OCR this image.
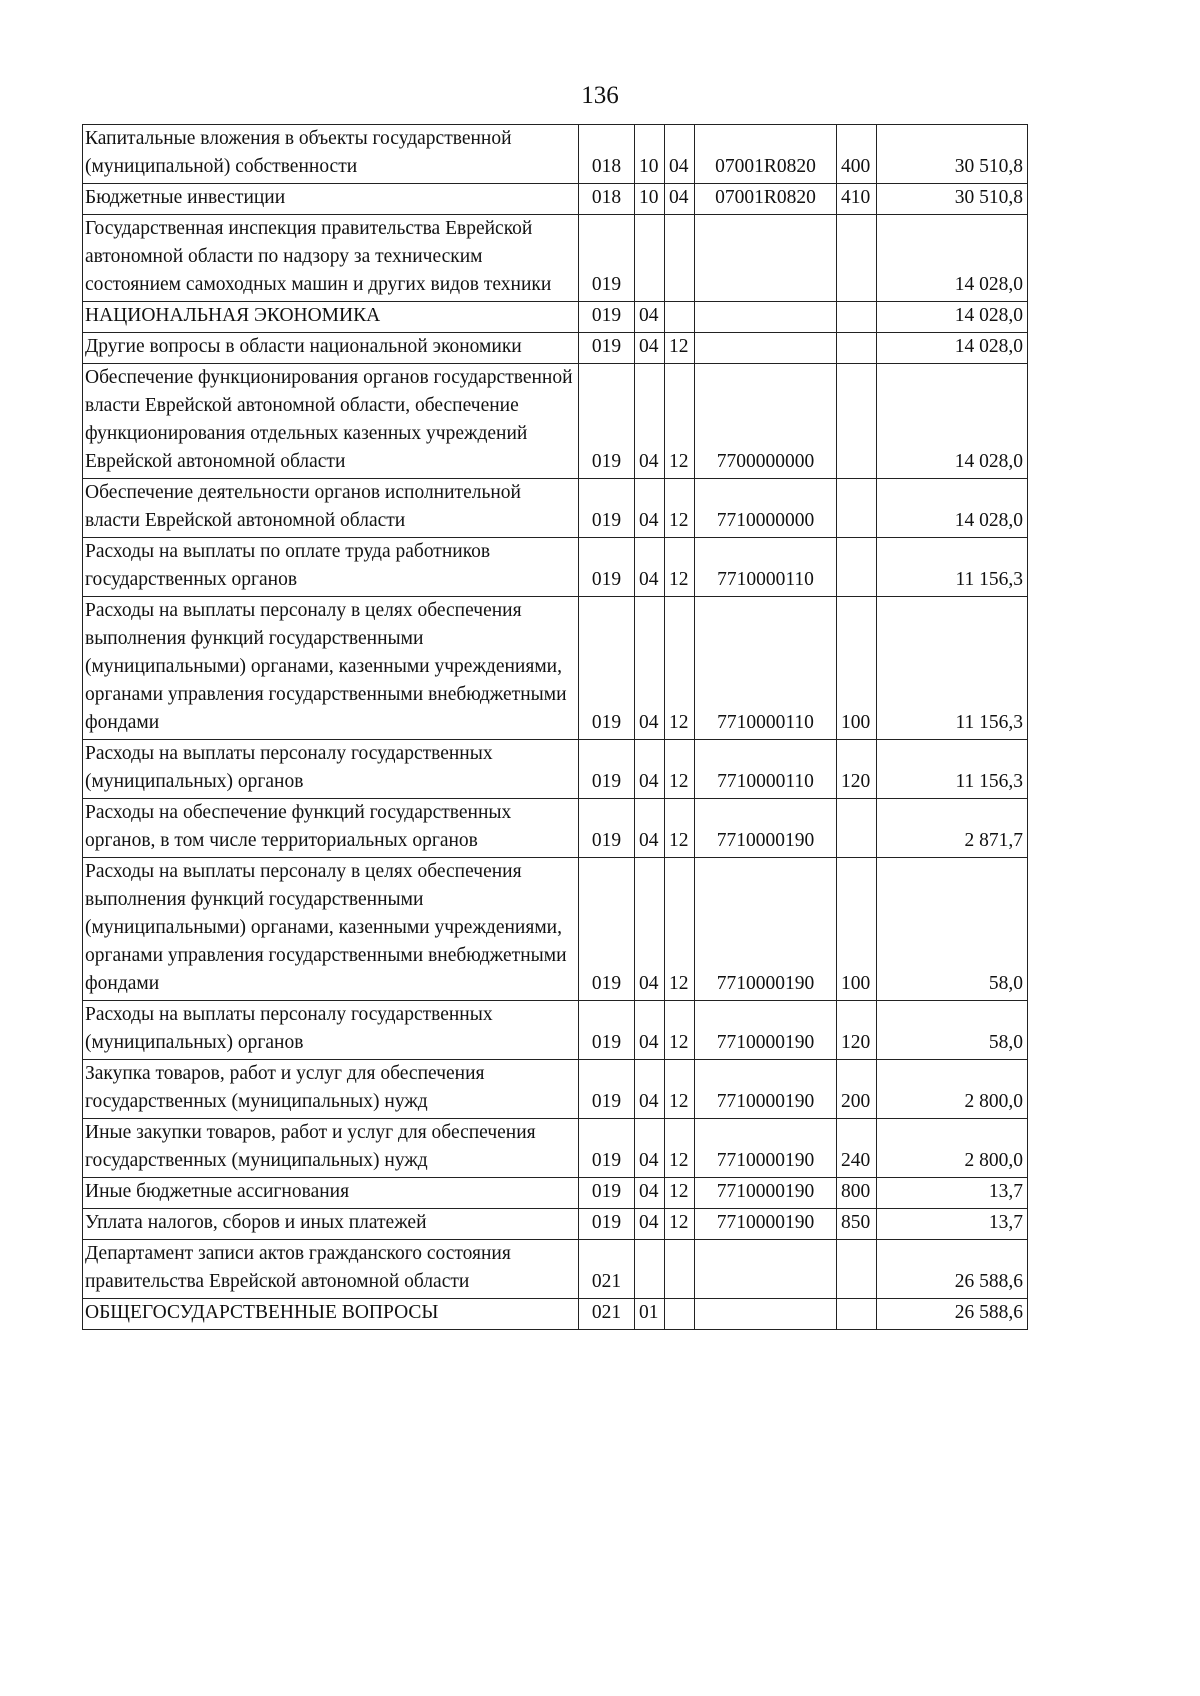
136
Капитальные вложения в объекты государственной (муниципальной) собственности	018	10	04	07001R0820	400	30 510,8
Бюджетные инвестиции	018	10	04	07001R0820	410	30 510,8
Государственная инспекция правительства Еврейской автономной области по надзору за техническим состоянием самоходных машин и других видов техники	019					14 028,0
НАЦИОНАЛЬНАЯ ЭКОНОМИКА	019	04				14 028,0
Другие вопросы в области национальной экономики	019	04	12			14 028,0
Обеспечение функционирования органов государственной власти Еврейской автономной области, обеспечение функционирования отдельных казенных учреждений Еврейской автономной области	019	04	12	7700000000		14 028,0
Обеспечение деятельности органов исполнительной власти Еврейской автономной области	019	04	12	7710000000		14 028,0
Расходы на выплаты по оплате труда работников государственных органов	019	04	12	7710000110		11 156,3
Расходы на выплаты персоналу в целях обеспечения выполнения функций государственными (муниципальными) органами, казенными учреждениями, органами управления государственными внебюджетными фондами	019	04	12	7710000110	100	11 156,3
Расходы на выплаты персоналу государственных (муниципальных) органов	019	04	12	7710000110	120	11 156,3
Расходы на обеспечение функций государственных органов, в том числе территориальных органов	019	04	12	7710000190		2 871,7
Расходы на выплаты персоналу в целях обеспечения выполнения функций государственными (муниципальными) органами, казенными учреждениями, органами управления государственными внебюджетными фондами	019	04	12	7710000190	100	58,0
Расходы на выплаты персоналу государственных (муниципальных) органов	019	04	12	7710000190	120	58,0
Закупка товаров, работ и услуг для обеспечения государственных (муниципальных) нужд	019	04	12	7710000190	200	2 800,0
Иные закупки товаров, работ и услуг для обеспечения государственных (муниципальных) нужд	019	04	12	7710000190	240	2 800,0
Иные бюджетные ассигнования	019	04	12	7710000190	800	13,7
Уплата налогов, сборов и иных платежей	019	04	12	7710000190	850	13,7
Департамент записи актов гражданского состояния правительства Еврейской автономной области	021					26 588,6
ОБЩЕГОСУДАРСТВЕННЫЕ ВОПРОСЫ	021	01				26 588,6
